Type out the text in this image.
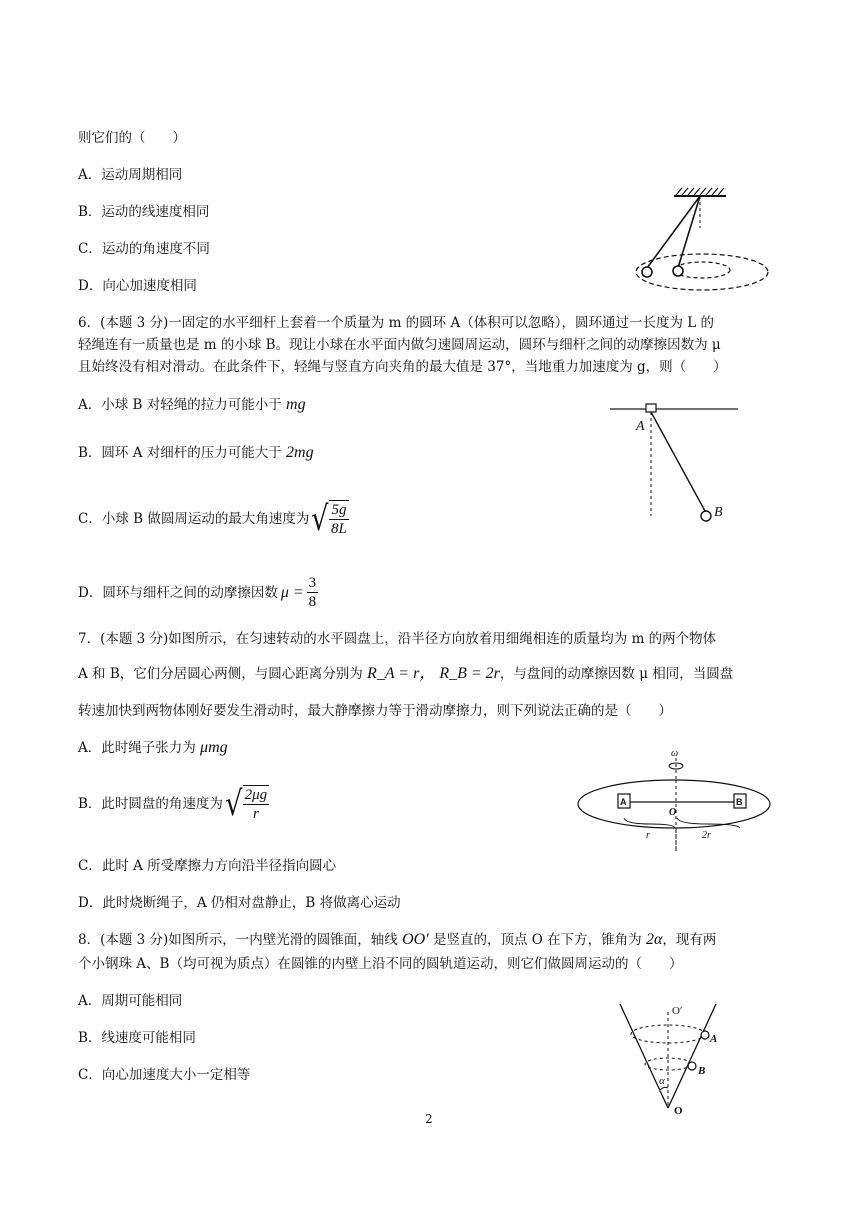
则它们的（　　）
A．运动周期相同
B．运动的线速度相同
C．运动的角速度不同
D．向心加速度相同
6．(本题 3 分)一固定的水平细杆上套着一个质量为 m 的圆环 A（体积可以忽略），圆环通过一长度为 L 的
轻绳连有一质量也是 m 的小球 B。现让小球在水平面内做匀速圆周运动，圆环与细杆之间的动摩擦因数为 μ
且始终没有相对滑动。在此条件下，轻绳与竖直方向夹角的最大值是 37°，当地重力加速度为 g，则（　　）
A．小球 B 对轻绳的拉力可能小于 mg
B．圆环 A 对细杆的压力可能大于 2mg
C．小球 B 做圆周运动的最大角速度为 √ $\frac{5g}{8L}$
D．圆环与细杆之间的动摩擦因数 $\mu = \frac{3}{8}$
A
B
7．(本题 3 分)如图所示，在匀速转动的水平圆盘上，沿半径方向放着用细绳相连的质量均为 m 的两个物体
A 和 B，它们分居圆心两侧，与圆心距离分别为 R_A = r， R_B = 2r，与盘间的动摩擦因数 μ 相同，当圆盘
转速加快到两物体刚好要发生滑动时，最大静摩擦力等于滑动摩擦力，则下列说法正确的是（　　）
A．此时绳子张力为 μmg
B．此时圆盘的角速度为 √ $\frac{2\mu g}{r}$
C．此时 A 所受摩擦力方向沿半径指向圆心
D．此时烧断绳子，A 仍相对盘静止，B 将做离心运动
ω
A	B
O
r	2r
8．(本题 3 分)如图所示，一内壁光滑的圆锥面，轴线 OO′ 是竖直的，顶点 O 在下方，锥角为 2α，现有两
个小钢珠 A、B（均可视为质点）在圆锥的内壁上沿不同的圆轨道运动，则它们做圆周运动的（　　）
A．周期可能相同
B．线速度可能相同
C．向心加速度大小一定相等
O′
A
B
α
O
2
